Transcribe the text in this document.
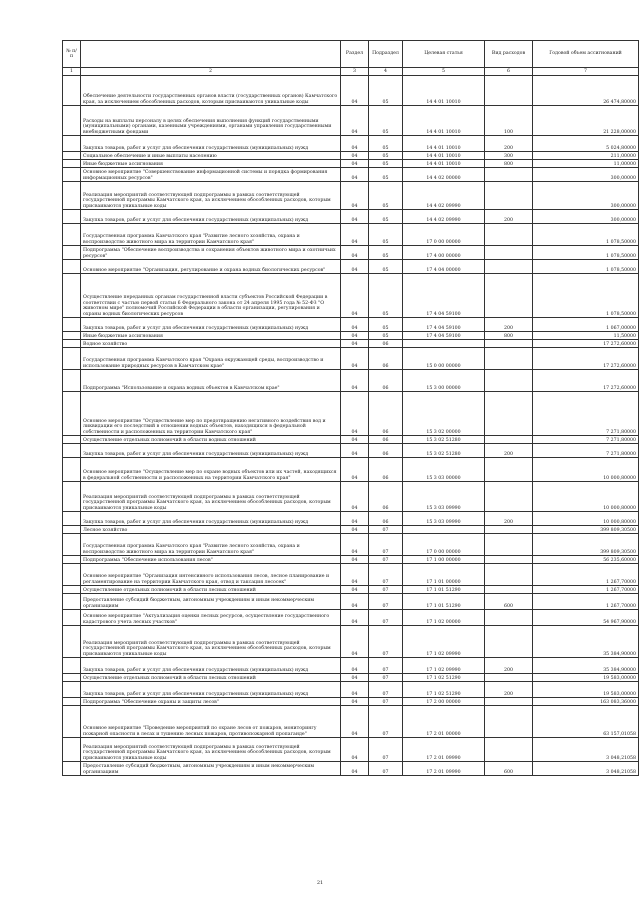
№ п/п		Раздел	Подраздел	Целевая статья	Вид расходов	Годовой объем ассигнований
1	2	3	4	5	6	7
	Обеспечение деятельности государственных органов власти (государственных органов) Камчатского края, за исключением обособленных расходов, которым присваиваются уникальные коды	04	05	14 4 01 10010		26 474,80000
	Расходы на выплаты персоналу в целях обеспечения выполнения функций государственными (муниципальными) органами, казенными учреждениями, органами управления государственными внебюджетными фондами	04	05	14 4 01 10010	100	21 228,00000
	Закупка товаров, работ и услуг для обеспечения государственных (муниципальных) нужд	04	05	14 4 01 10010	200	5 024,80000
	Социальное обеспечение и иные выплаты населению	04	05	14 4 01 10010	300	211,00000
	Иные бюджетные ассигнования	04	05	14 4 01 10010	800	11,00000
	Основное мероприятие "Совершенствование информационной системы и порядка формирования информационных ресурсов"	04	05	14 4 02 00000		300,00000
	Реализация мероприятий соответствующей подпрограммы в рамках соответствующей государственной программы Камчатского края, за исключением обособленных расходов, которым присваиваются уникальные коды	04	05	14 4 02 09990		300,00000
	Закупка товаров, работ и услуг для обеспечения государственных (муниципальных) нужд	04	05	14 4 02 09990	200	300,00000
	Государственная программа Камчатского края "Развитие лесного хозяйства, охрана и воспроизводство животного мира на территории Камчатского края"	04	05	17 0 00 00000		1 078,50000
	Подпрограмма "Обеспечение воспроизводства и сохранения объектов животного мира и охотничьих ресурсов"	04	05	17 4 00 00000		1 078,50000
	Основное мероприятие "Организация, регулирование и охрана водных биологических ресурсов"	04	05	17 4 04 00000		1 078,50000
	Осуществление переданных органам государственной власти субъектов Российской Федерации в соответствии с частью первой статьи 6 Федерального закона от 24 апреля 1995 года № 52-ФЗ "О животном мире" полномочий Российской Федерации в области организации, регулирования и охраны водных биологических ресурсов	04	05	17 4 04 59100		1 078,50000
	Закупка товаров, работ и услуг для обеспечения государственных (муниципальных) нужд	04	05	17 4 04 59100	200	1 067,00000
	Иные бюджетные ассигнования	04	05	17 4 04 59100	800	11,50000
	Водное хозяйство	04	06			17 272,60000
	Государственная программа Камчатского края "Охрана окружающей среды, воспроизводство и использование природных ресурсов в Камчатском крае"	04	06	15 0 00 00000		17 272,60000
	Подпрограмма "Использование и охрана водных объектов в Камчатском крае"	04	06	15 3 00 00000		17 272,60000
	Основное мероприятие "Осуществление мер по предотвращению негативного воздействия вод и ликвидации его последствий в отношении водных объектов, находящихся в федеральной собственности и расположенных на территории Камчатского края"	04	06	15 3 02 00000		7 271,80000
	Осуществление отдельных полномочий в области водных отношений	04	06	15 3 02 51280		7 271,80000
	Закупка товаров, работ и услуг для обеспечения государственных (муниципальных) нужд	04	06	15 3 02 51280	200	7 271,80000
	Основное мероприятие "Осуществление мер по охране водных объектов или их частей, находящихся в федеральной собственности и расположенных на территории Камчатского края"	04	06	15 3 03 00000		10 000,80000
	Реализация мероприятий соответствующей подпрограммы в рамках соответствующей государственной программы Камчатского края, за исключением обособленных расходов, которым присваиваются уникальные коды	04	06	15 3 03 09990		10 000,80000
	Закупка товаров, работ и услуг для обеспечения государственных (муниципальных) нужд	04	06	15 3 03 09990	200	10 000,80000
	Лесное хозяйство	04	07			399 809,30500
	Государственная программа Камчатского края "Развитие лесного хозяйства, охрана и воспроизводство животного мира на территории Камчатского края"	04	07	17 0 00 00000		399 809,30500
	Подпрограмма "Обеспечение использования лесов"	04	07	17 1 00 00000		56 235,60000
	Основное мероприятие "Организация интенсивного использования лесов, лесное планирование и регламентирование на территории Камчатского края, отвод и таксация лесосек"	04	07	17 1 01 00000		1 267,70000
	Осуществление отдельных полномочий в области лесных отношений	04	07	17 1 01 51290		1 267,70000
	Предоставление субсидий бюджетным, автономным учреждениям и иным некоммерческим организациям	04	07	17 1 01 51290	600	1 267,70000
	Основное мероприятие "Актуализация оценки лесных ресурсов, осуществление государственного кадастрового учета лесных участков"	04	07	17 1 02 00000		54 967,90000
	Реализация мероприятий соответствующей подпрограммы в рамках соответствующей государственной программы Камчатского края, за исключением обособленных расходов, которым присваиваются уникальные коды	04	07	17 1 02 09990		35 384,90000
	Закупка товаров, работ и услуг для обеспечения государственных (муниципальных) нужд	04	07	17 1 02 09990	200	35 384,90000
	Осуществление отдельных полномочий в области лесных отношений	04	07	17 1 02 51290		19 583,00000
	Закупка товаров, работ и услуг для обеспечения государственных (муниципальных) нужд	04	07	17 1 02 51290	200	19 583,00000
	Подпрограмма "Обеспечение охраны и защиты лесов"	04	07	17 2 00 00000		163 083,36000
	Основное мероприятие "Проведение мероприятий по охране лесов от пожаров, мониторингу пожарной опасности в лесах и тушению лесных пожаров, противопожарной пропаганде"	04	07	17 2 01 00000		63 157,01058
	Реализация мероприятий соответствующей подпрограммы в рамках соответствующей государственной программы Камчатского края, за исключением обособленных расходов, которым присваиваются уникальные коды	04	07	17 2 01 09990		3 048,21058
	Предоставление субсидий бюджетным, автономным учреждениям и иным некоммерческим организациям	04	07	17 2 01 09990	600	3 048,21058
21
